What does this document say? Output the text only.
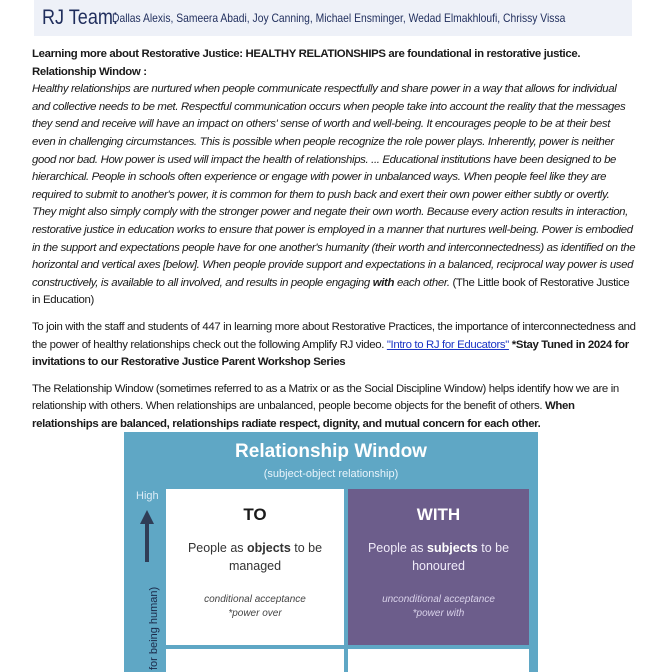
RJ Team:
Dallas Alexis, Sameera Abadi, Joy Canning, Michael Ensminger, Wedad Elmakhloufi, Chrissy Vissa

Learning more about Restorative Justice: HEALTHY RELATIONSHIPS are foundational in restorative justice. Relationship Window :
Healthy relationships are nurtured when people communicate respectfully and share power in a way that allows for individual and collective needs to be met. Respectful communication occurs when people take into account the reality that the messages they send and receive will have an impact on others' sense of worth and well-being. It encourages people to be at their best even in challenging circumstances. This is possible when people recognize the role power plays. Inherently, power is neither good nor bad. How power is used will impact the health of relationships. ... Educational institutions have been designed to be hierarchical. People in schools often experience or engage with power in unbalanced ways. When people feel like they are required to submit to another's power, it is common for them to push back and exert their own power either subtly or overtly. They might also simply comply with the stronger power and negate their own worth. Because every action results in interaction, restorative justice in education works to ensure that power is employed in a manner that nurtures well-being. Power is embodied in the support and expectations people have for one another's humanity (their worth and interconnectedness) as identified on the horizontal and vertical axes [below]. When people provide support and expectations in a balanced, reciprocal way power is used constructively, is available to all involved, and results in people engaging with each other. (The Little book of Restorative Justice in Education)

To join with the staff and students of 447 in learning more about Restorative Practices, the importance of interconnectedness and the power of healthy relationships check out the following Amplify RJ video. "Intro to RJ for Educators" *Stay Tuned in 2024 for invitations to our Restorative Justice Parent Workshop Series

The Relationship Window (sometimes referred to as a Matrix or as the Social Discipline Window) helps identify how we are in relationship with others. When relationships are unbalanced, people become objects for the benefit of others. When relationships are balanced, relationships radiate respect, dignity, and mutual concern for each other.

Relationship Window
(subject-object relationship)
High
for being human)
TO
People as objects to be managed
conditional acceptance
*power over
WITH
People as subjects to be honoured
unconditional acceptance
*power with
